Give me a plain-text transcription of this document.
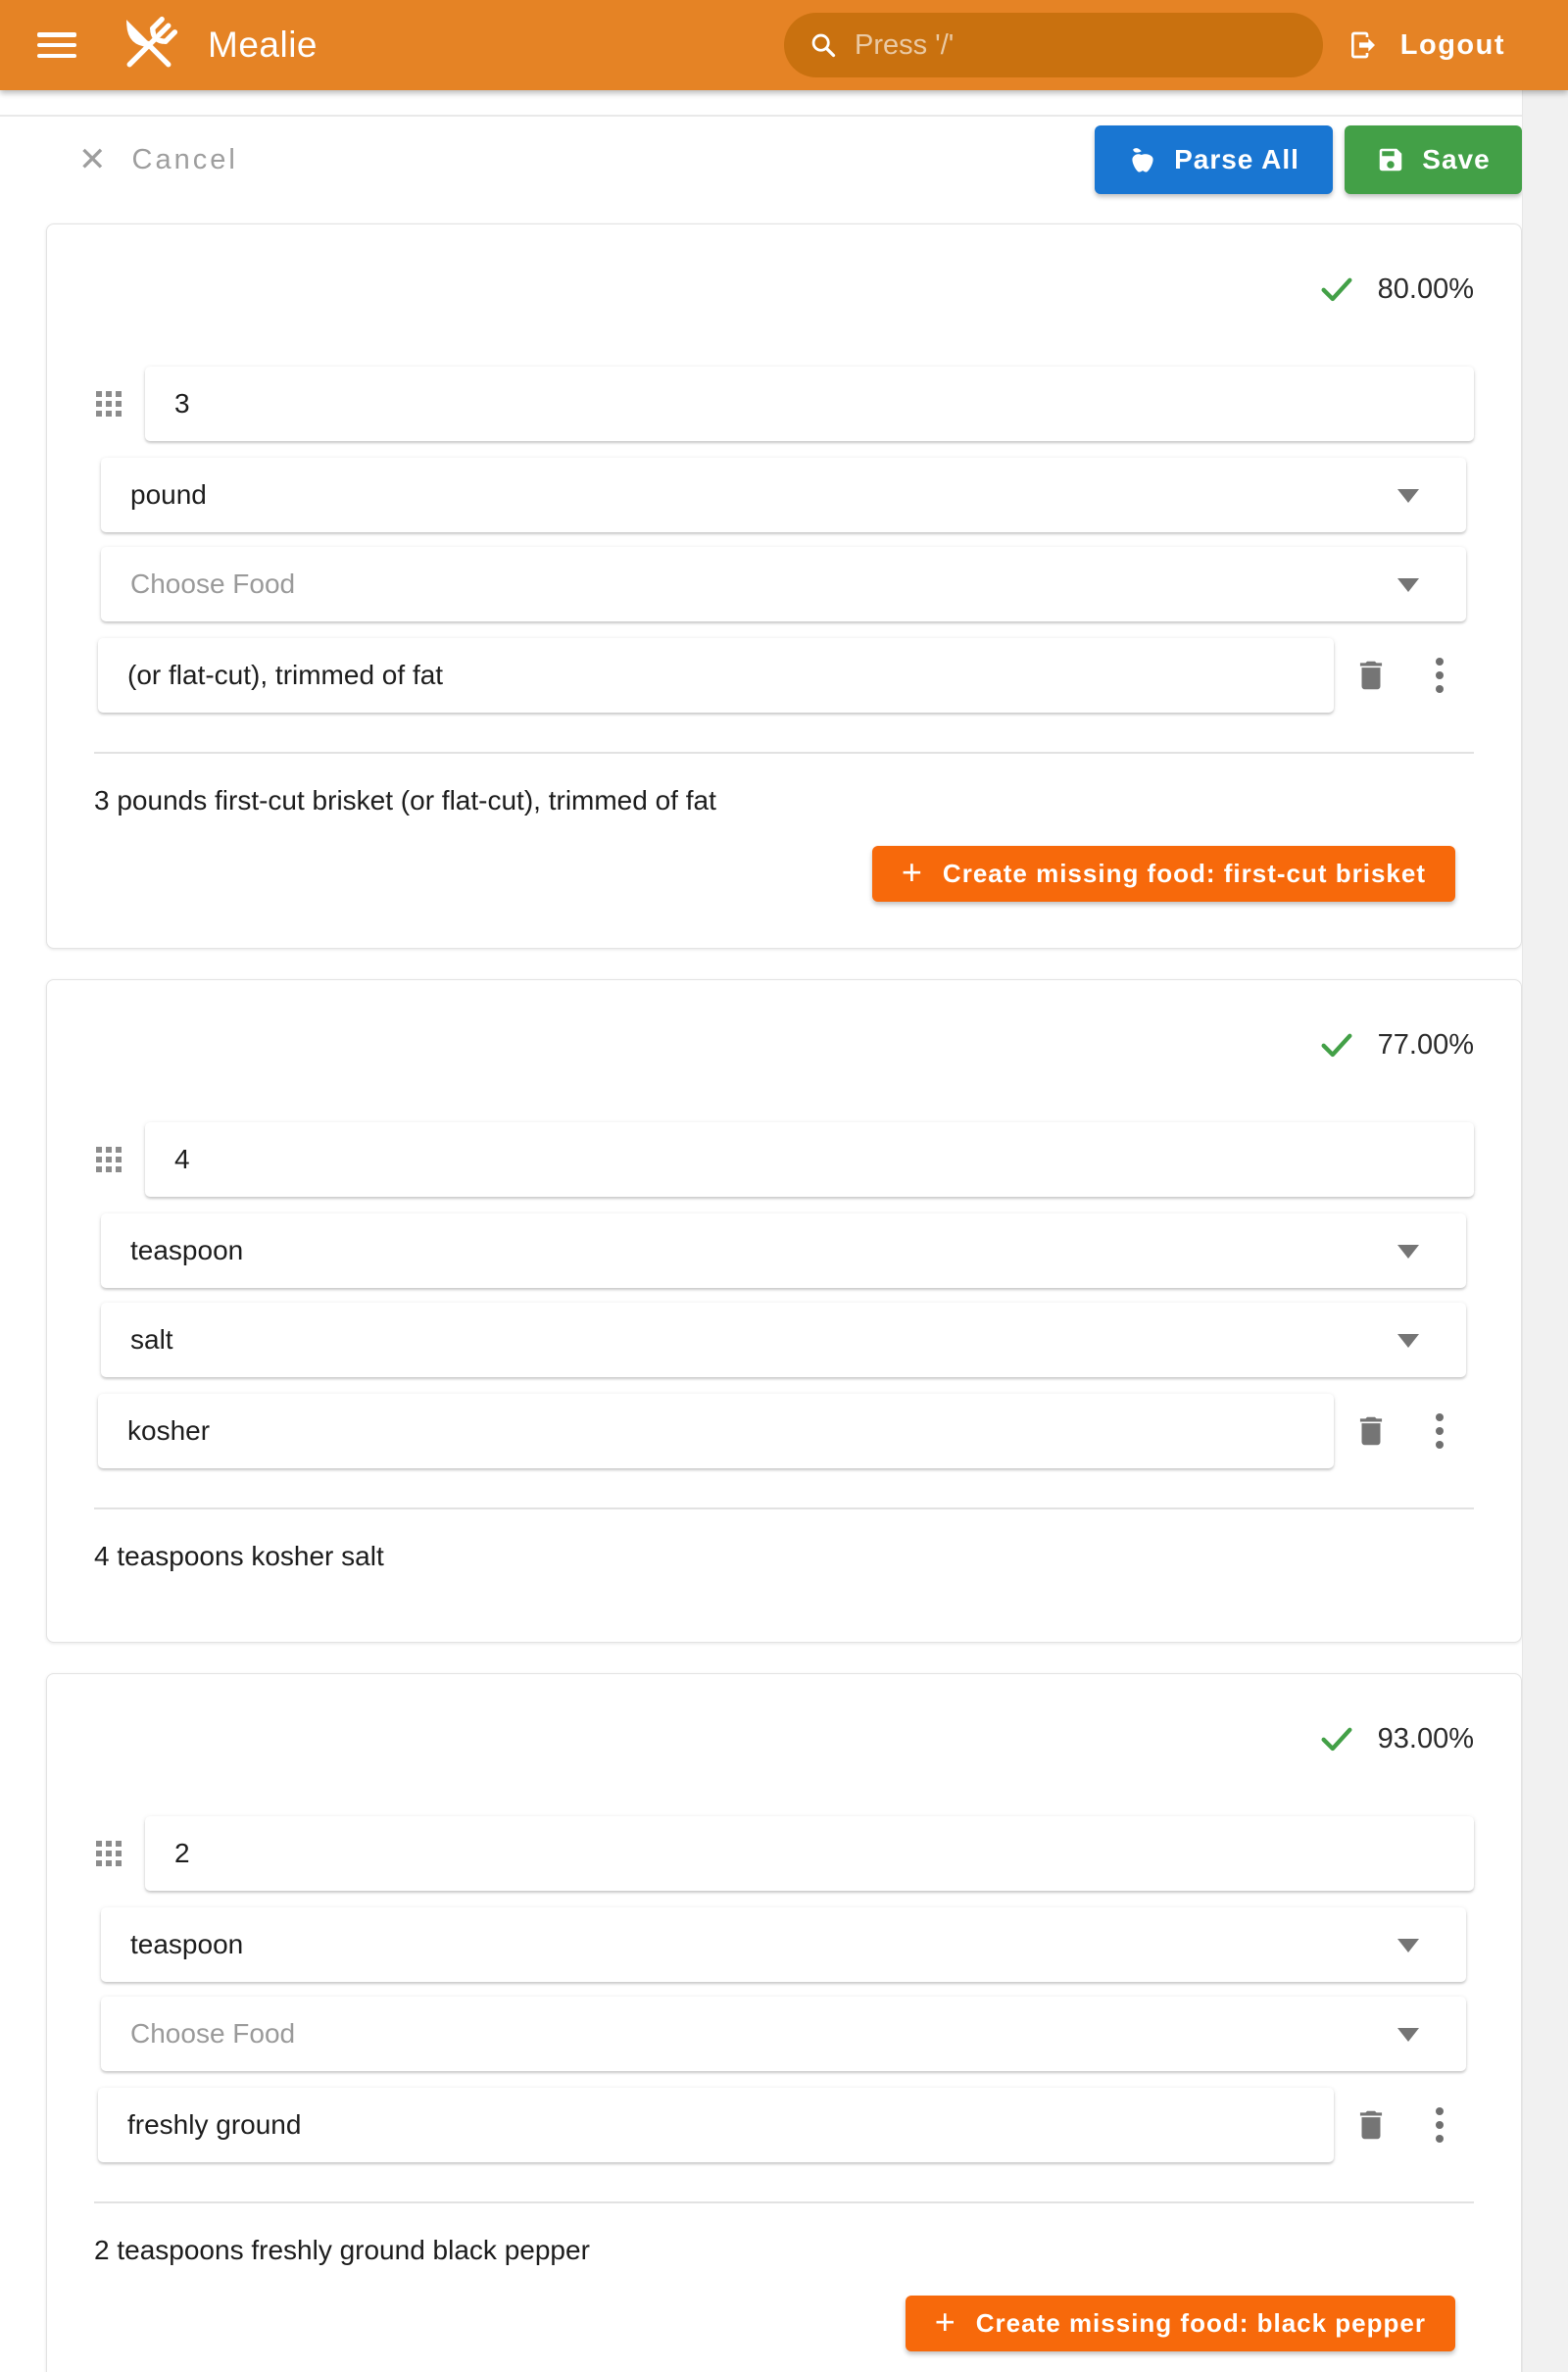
Mealie
Press '/'	Logout
✕ Cancel	Parse All	Save
80.00%
3
pound
Choose Food
(or flat-cut), trimmed of fat

3 pounds first-cut brisket (or flat-cut), trimmed of fat

+ Create missing food: first-cut brisket
77.00%
4
teaspoon
salt
kosher

4 teaspoons kosher salt

93.00%
2
teaspoon
Choose Food
freshly ground

2 teaspoons freshly ground black pepper

+ Create missing food: black pepper
